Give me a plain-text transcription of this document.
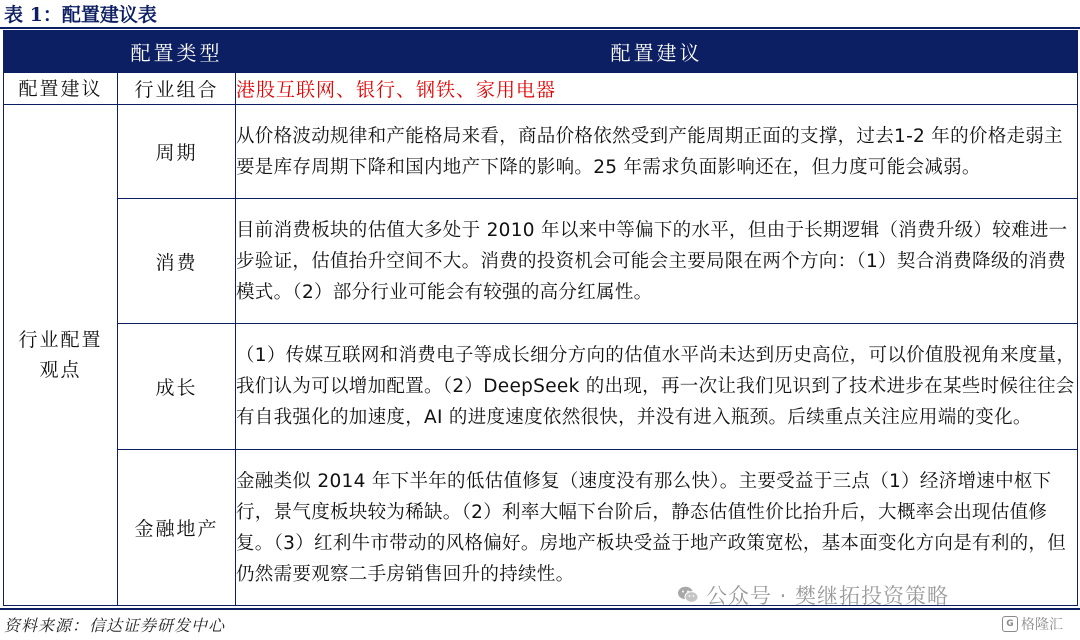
表 1：配置建议表
	配置类型	配置建议
配置建议	行业组合	港股互联网、银行、钢铁、家用电器

行业配置观点	周期	从价格波动规律和产能格局来看，商品价格依然受到产能周期正面的支撑，过去1-2 年的价格走弱主要是库存周期下降和国内地产下降的影响。25 年需求负面影响还在，但力度可能会减弱。
	消费	目前消费板块的估值大多处于 2010 年以来中等偏下的水平，但由于长期逻辑（消费升级）较难进一步验证，估值抬升空间不大。消费的投资机会可能会主要局限在两个方向：（1）契合消费降级的消费模式。（2）部分行业可能会有较强的高分红属性。
	成长	（1）传媒互联网和消费电子等成长细分方向的估值水平尚未达到历史高位，可以价值股视角来度量，我们认为可以增加配置。（2）DeepSeek 的出现，再一次让我们见识到了技术进步在某些时候往往会有自我强化的加速度，AI 的进度速度依然很快，并没有进入瓶颈。后续重点关注应用端的变化。
	金融地产	金融类似 2014 年下半年的低估值修复（速度没有那么快）。主要受益于三点（1）经济增速中枢下行，景气度板块较为稀缺。（2）利率大幅下台阶后，静态估值性价比抬升后，大概率会出现估值修复。（3）红利牛市带动的风格偏好。房地产板块受益于地产政策宽松，基本面变化方向是有利的，但仍然需要观察二手房销售回升的持续性。
资料来源：信达证券研发中心
公众号 · 樊继拓投资策略
G 格隆汇
